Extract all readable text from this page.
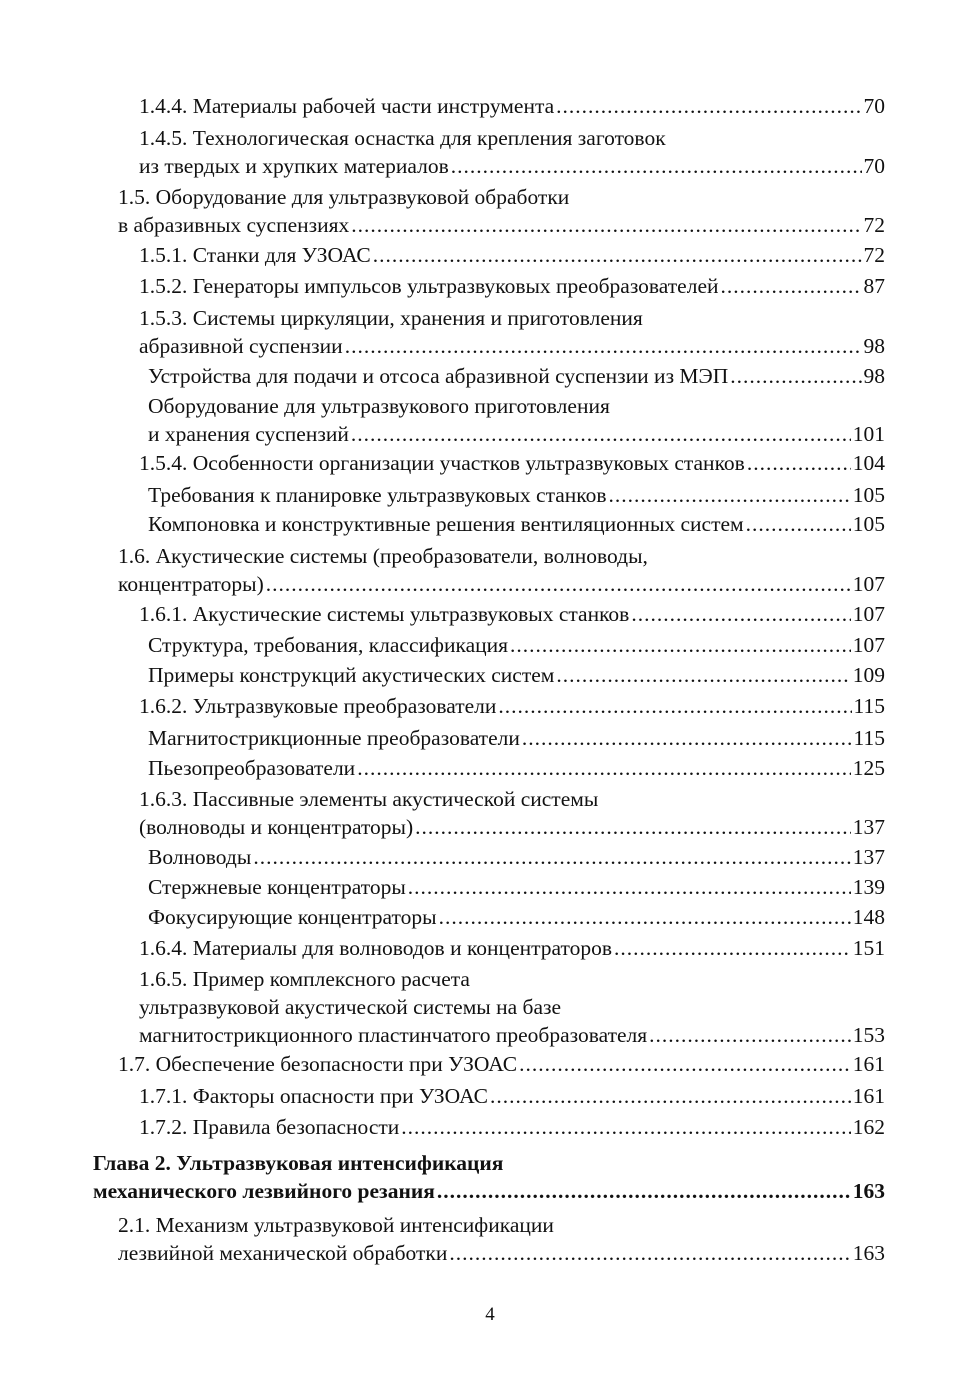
1.4.4. Материалы рабочей части инструмента .....	70
1.4.5. Технологическая оснастка для крепления заготовок
из твердых и хрупких материалов .....	70
1.5. Оборудование для ультразвуковой обработки
в абразивных суспензиях .....	72
1.5.1. Станки для УЗОАС .....	72
1.5.2. Генераторы импульсов ультразвуковых преобразователей .....	87
1.5.3. Системы циркуляции, хранения и приготовления
абразивной суспензии .....	98
Устройства для подачи и отсоса абразивной суспензии из МЭП .....	98
Оборудование для ультразвукового приготовления
и хранения суспензий .....	101
1.5.4. Особенности организации участков ультразвуковых станков .....	104
Требования к планировке ультразвуковых станков .....	105
Компоновка и конструктивные решения вентиляционных систем .....	105
1.6. Акустические системы (преобразователи, волноводы,
концентраторы) .....	107
1.6.1. Акустические системы ультразвуковых станков .....	107
Структура, требования, классификация .....	107
Примеры конструкций акустических систем .....	109
1.6.2. Ультразвуковые преобразователи .....	115
Магнитострикционные преобразователи .....	115
Пьезопреобразователи .....	125
1.6.3. Пассивные элементы акустической системы
(волноводы и концентраторы) .....	137
Волноводы .....	137
Стержневые концентраторы .....	139
Фокусирующие концентраторы .....	148
1.6.4. Материалы для волноводов и концентраторов .....	151
1.6.5. Пример комплексного расчета
ультразвуковой акустической системы на базе
магнитострикционного пластинчатого преобразователя .....	153
1.7. Обеспечение безопасности при УЗОАС .....	161
1.7.1. Факторы опасности при УЗОАС .....	161
1.7.2. Правила безопасности .....	162
Глава 2. Ультразвуковая интенсификация
механического лезвийного резания .....	163
2.1. Механизм ультразвуковой интенсификации
лезвийной механической обработки .....	163
4
